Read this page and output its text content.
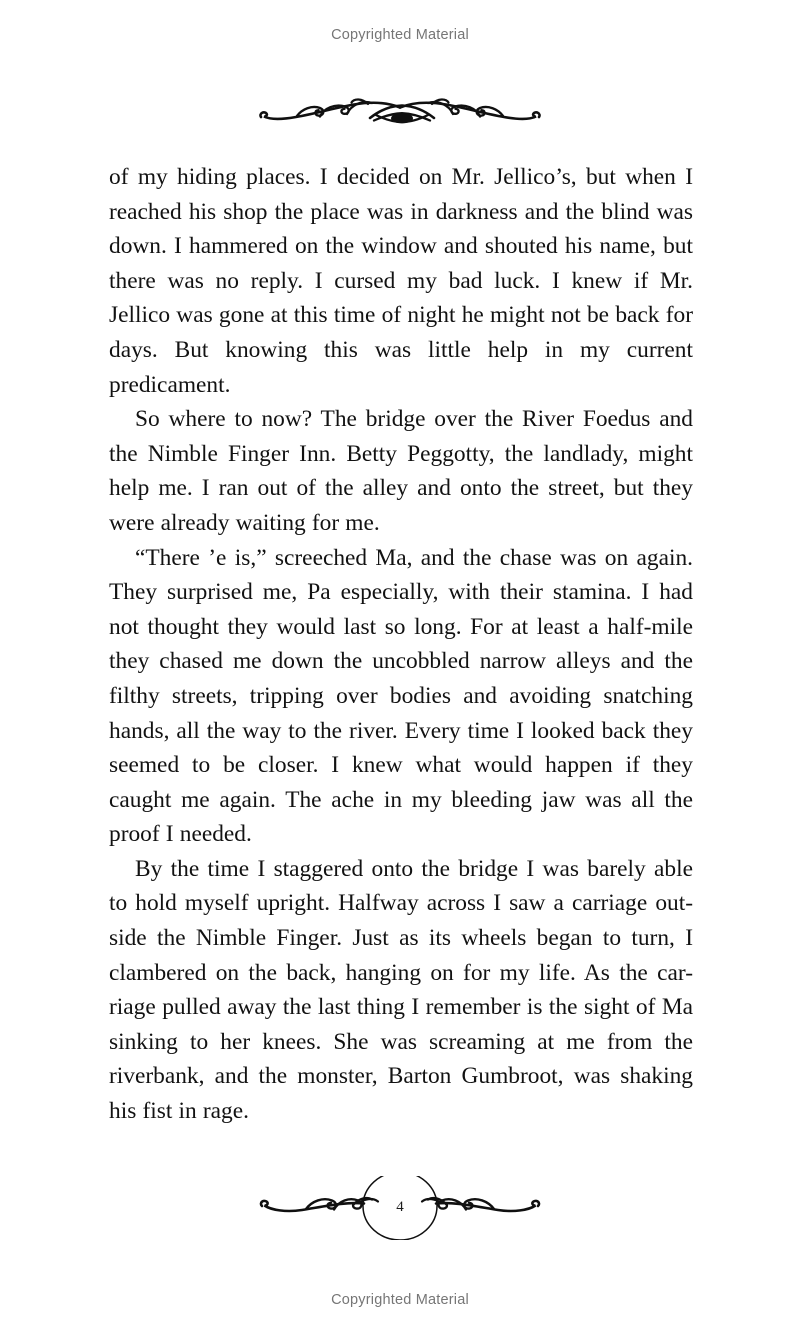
Copyrighted Material

of my hiding places. I decided on Mr. Jellico’s, but when I reached his shop the place was in darkness and the blind was down. I hammered on the window and shouted his name, but there was no reply. I cursed my bad luck. I knew if Mr. Jellico was gone at this time of night he might not be back for days. But knowing this was little help in my current predicament.

So where to now? The bridge over the River Foedus and the Nimble Finger Inn. Betty Peggotty, the landlady, might help me. I ran out of the alley and onto the street, but they were already waiting for me.

“There ’e is,” screeched Ma, and the chase was on again. They surprised me, Pa especially, with their stamina. I had not thought they would last so long. For at least a half-mile they chased me down the uncobbled narrow alleys and the filthy streets, tripping over bodies and avoiding snatching hands, all the way to the river. Every time I looked back they seemed to be closer. I knew what would happen if they caught me again. The ache in my bleeding jaw was all the proof I needed.

By the time I staggered onto the bridge I was barely able to hold myself upright. Halfway across I saw a carriage out-side the Nimble Finger. Just as its wheels began to turn, I clambered on the back, hanging on for my life. As the car-riage pulled away the last thing I remember is the sight of Ma sinking to her knees. She was screaming at me from the riverbank, and the monster, Barton Gumbroot, was shaking his fist in rage.

4
Copyrighted Material
